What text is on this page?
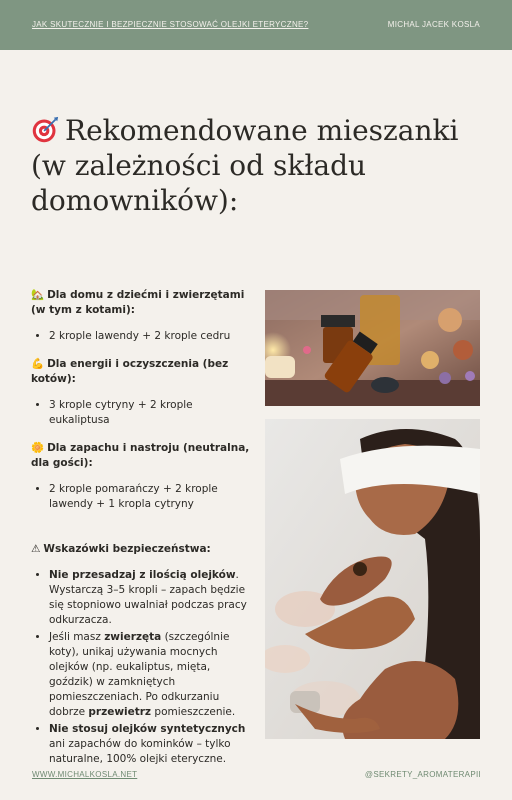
JAK SKUTECZNIE I BEZPIECZNIE STOSOWAĆ OLEJKI ETERYCZNE?	MICHAL JACEK KOSLA
Rekomendowane mieszanki (w zależności od składu domowników):

🏡 Dla domu z dziećmi i zwierzętami (w tym z kotami):

• 2 krople lawendy + 2 krople cedru

💪 Dla energii i oczyszczenia (bez kotów):

• 3 krople cytryny + 2 krople eukaliptusa

🌼 Dla zapachu i nastroju (neutralna, dla gości):

• 2 krople pomarańczy + 2 krople lawendy + 1 kropla cytryny

⚠ Wskazówki bezpieczeństwa:

• Nie przesadzaj z ilością olejków. Wystarczą 3–5 kropli – zapach będzie się stopniowo uwalniał podczas pracy odkurzacza.
• Jeśli masz zwierzęta (szczególnie koty), unikaj używania mocnych olejków (np. eukaliptus, mięta, goździk) w zamkniętych pomieszczeniach. Po odkurzaniu dobrze przewietrz pomieszczenie.
• Nie stosuj olejków syntetycznych ani zapachów do kominków – tylko naturalne, 100% olejki eteryczne.
WWW.MICHALKOSLA.NET	@SEKRETY_AROMATERAPII
